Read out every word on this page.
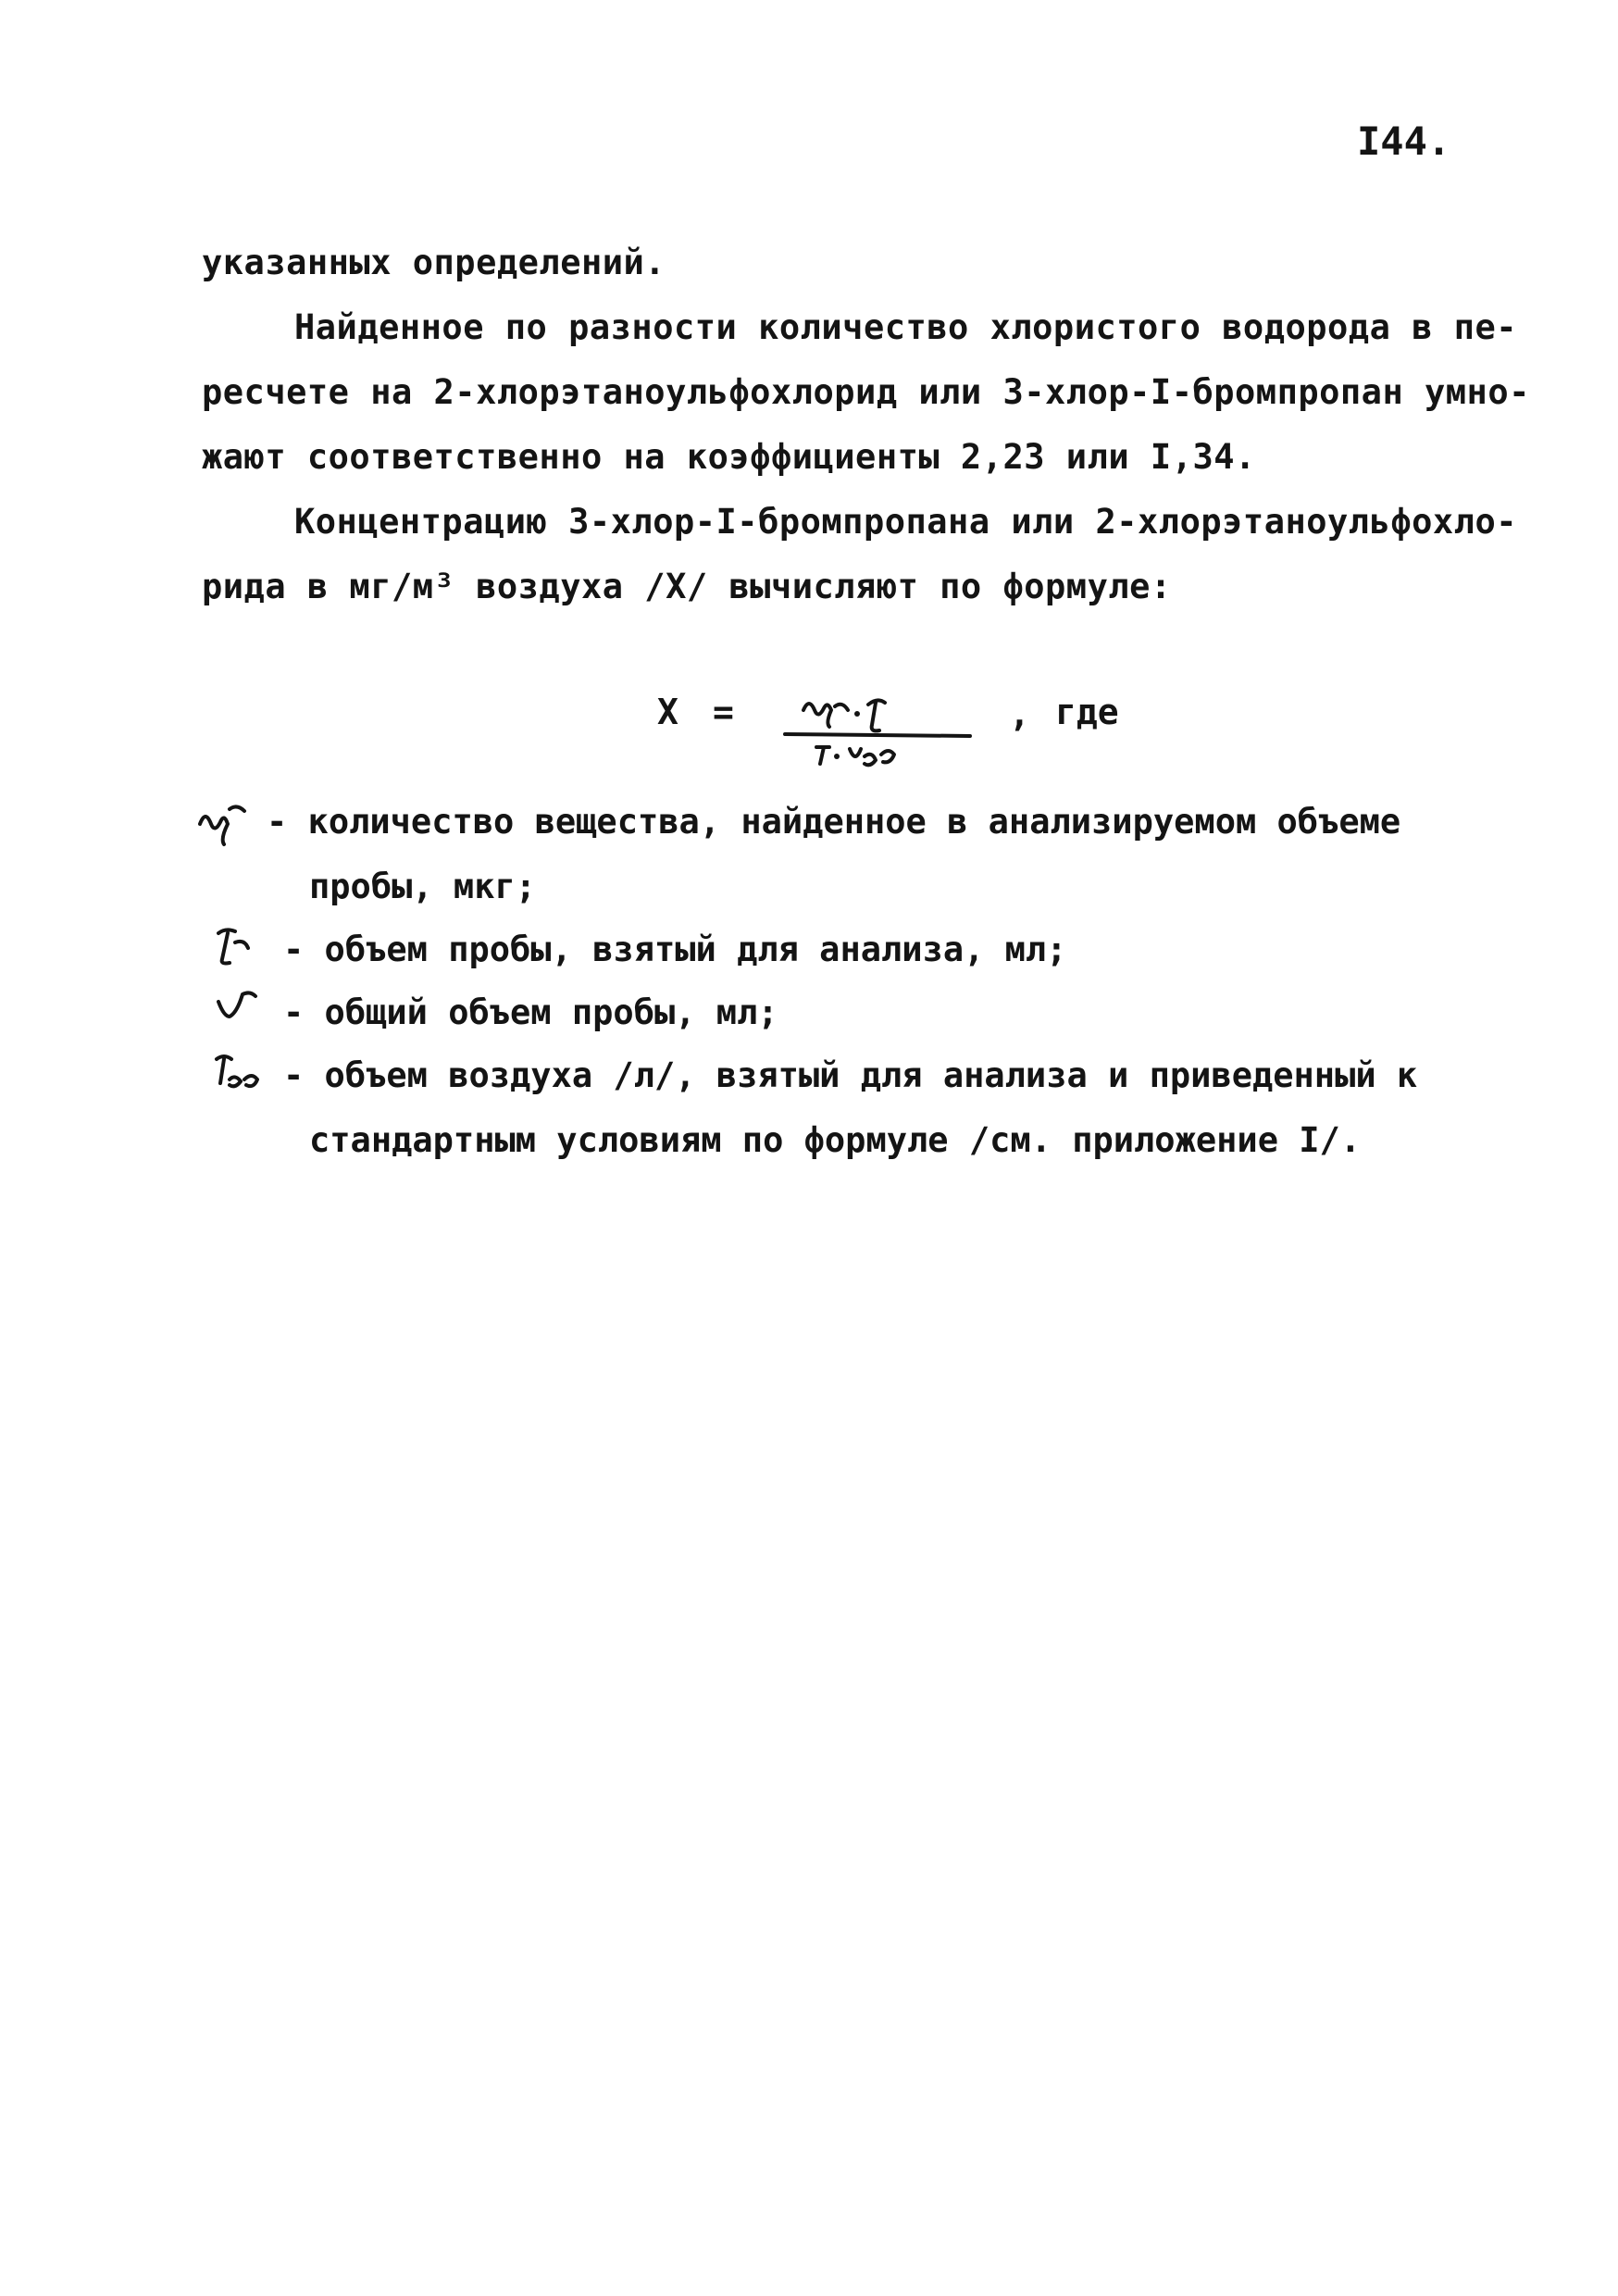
I44.
указанных определений.
Найденное по разности количество хлористого водорода в пе-
ресчете на 2-хлорэтаноульфохлорид или 3-хлор-I-бромпропан умно-
жают соответственно на коэффициенты 2,23 или I,34.
Концентрацию 3-хлор-I-бромпропана или 2-хлорэтаноульфохло-
рида в мг/м³ воздуха /X/ вычисляют по формуле:
X =	, где
- количество вещества, найденное в анализируемом объеме
пробы, мкг;
- объем пробы, взятый для анализа, мл;
- общий объем пробы, мл;
- объем воздуха /л/, взятый для анализа и приведенный к
стандартным условиям по формуле /см. приложение I/.
